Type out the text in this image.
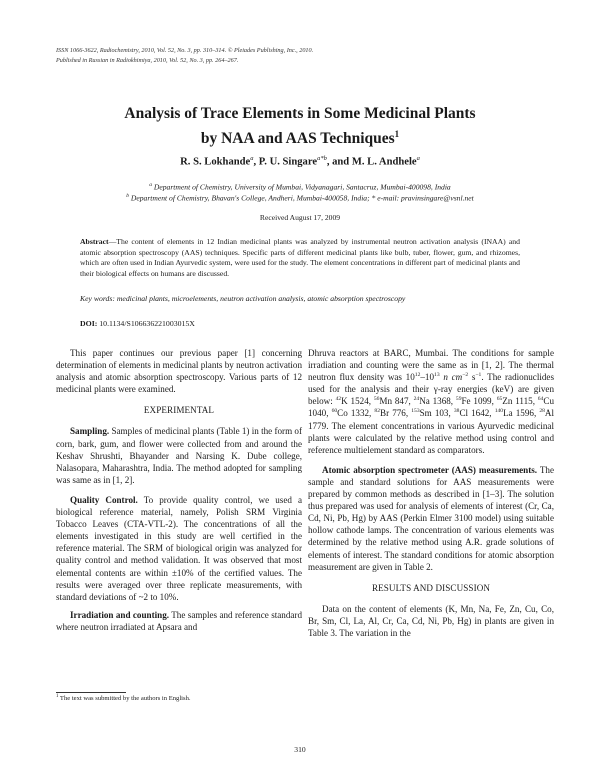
ISSN 1066-3622, Radiochemistry, 2010, Vol. 52, No. 3, pp. 310–314. © Pleiades Publishing, Inc., 2010.
Published in Russian in Radiokhimiya, 2010, Vol. 52, No. 3, pp. 264–267.
Analysis of Trace Elements in Some Medicinal Plants
by NAA and AAS Techniques$^1$
R. S. Lokhande$^a$, P. U. Singare$^{a*b}$, and M. L. Andhele$^a$
$^a$ Department of Chemistry, University of Mumbai, Vidyanagari, Santacruz, Mumbai-400098, India
$^b$ Department of Chemistry, Bhavan's College, Andheri, Mumbai-400058, India; * e-mail: pravinsingare@vsnl.net
Received August 17, 2009
Abstract—The content of elements in 12 Indian medicinal plants was analyzed by instrumental neutron activation analysis (INAA) and atomic absorption spectroscopy (AAS) techniques. Specific parts of different medicinal plants like bulb, tuber, flower, gum, and rhizomes, which are often used in Indian Ayurvedic system, were used for the study. The element concentrations in different part of medicinal plants and their biological effects on humans are discussed.
Key words: medicinal plants, microelements, neutron activation analysis, atomic absorption spectroscopy
DOI: 10.1134/S106636221003015X

This paper continues our previous paper [1] concerning determination of elements in medicinal plants by neutron activation analysis and atomic absorption spectroscopy. Various parts of 12 medicinal plants were examined.

EXPERIMENTAL

Sampling. Samples of medicinal plants (Table 1) in the form of corn, bark, gum, and flower were collected from and around the Keshav Shrushti, Bhayander and Narsing K. Dube college, Nalasopara, Maharashtra, India. The method adopted for sampling was same as in [1, 2].

Quality Control. To provide quality control, we used a biological reference material, namely, Polish SRM Virginia Tobacco Leaves (CTA-VTL-2). The concentrations of all the elements investigated in this study are well certified in the reference material. The SRM of biological origin was analyzed for quality control and method validation. It was observed that most elemental contents are within ±10% of the certified values. The results were averaged over three replicate measurements, with standard deviations of ~2 to 10%.

Irradiation and counting. The samples and reference standard where neutron irradiated at Apsara and

Dhruva reactors at BARC, Mumbai. The conditions for sample irradiation and counting were the same as in [1, 2]. The thermal neutron flux density was $10^{12}-10^{13}$ n $cm^{-2}$ $s^{-1}$. The radionuclides used for the analysis and their γ-ray energies (keV) are given below: $^{42}$K 1524, $^{56}$Mn 847, $^{24}$Na 1368, $^{59}$Fe 1099, $^{65}$Zn 1115, $^{64}$Cu 1040, $^{60}$Co 1332, $^{82}$Br 776, $^{153}$Sm 103, $^{38}$Cl 1642, $^{140}$La 1596, $^{28}$Al 1779. The element concentrations in various Ayurvedic medicinal plants were calculated by the relative method using control and reference multielement standard as comparators.

Atomic absorption spectrometer (AAS) measurements. The sample and standard solutions for AAS measurements were prepared by common methods as described in [1–3]. The solution thus prepared was used for analysis of elements of interest (Cr, Ca, Cd, Ni, Pb, Hg) by AAS (Perkin Elmer 3100 model) using suitable hollow cathode lamps. The concentration of various elements was determined by the relative method using A.R. grade solutions of elements of interest. The standard conditions for atomic absorption measurement are given in Table 2.

RESULTS AND DISCUSSION

Data on the content of elements (K, Mn, Na, Fe, Zn, Cu, Co, Br, Sm, Cl, La, Al, Cr, Ca, Cd, Ni, Pb, Hg) in plants are given in Table 3. The variation in the

$^1$ The text was submitted by the authors in English.
310
